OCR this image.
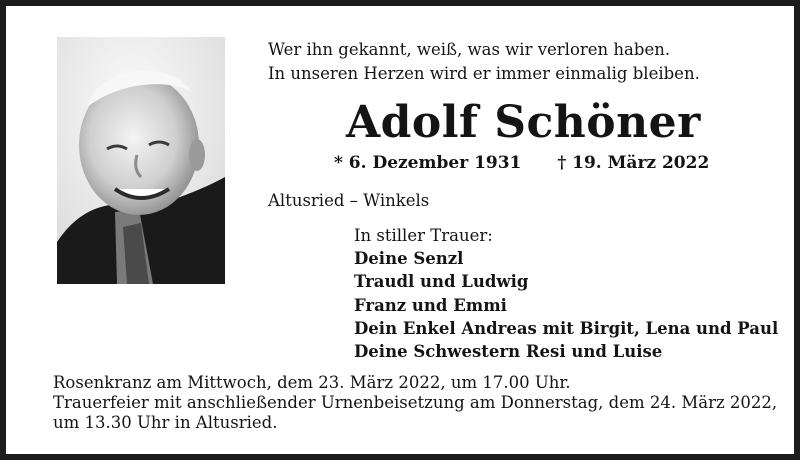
Wer ihn gekannt, weiß, was wir verloren haben.
In unseren Herzen wird er immer einmalig bleiben.
Adolf Schöner
* 6. Dezember 1931 † 19. März 2022
Altusried – Winkels
In stiller Trauer:
Deine Senzl
Traudl und Ludwig
Franz und Emmi
Dein Enkel Andreas mit Birgit, Lena und Paul
Deine Schwestern Resi und Luise
Rosenkranz am Mittwoch, dem 23. März 2022, um 17.00 Uhr.
Trauerfeier mit anschließender Urnenbeisetzung am Donnerstag, dem 24. März 2022,
um 13.30 Uhr in Altusried.
